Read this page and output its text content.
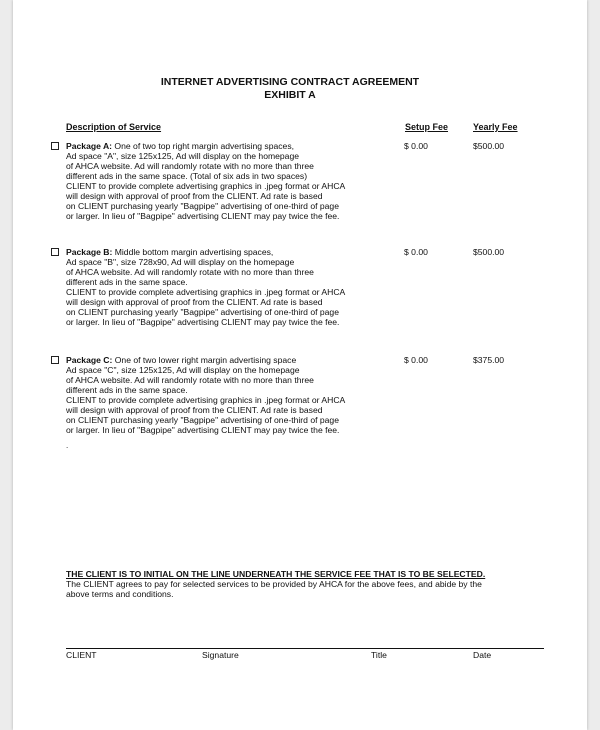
INTERNET ADVERTISING CONTRACT AGREEMENT
EXHIBIT A
Description of Service	Setup Fee	Yearly Fee
Package A: One of two top right margin advertising spaces,
Ad space "A", size 125x125, Ad will display on the homepage
of AHCA website. Ad will randomly rotate with no more than three
different ads in the same space. (Total of six ads in two spaces)
CLIENT to provide complete advertising graphics in .jpeg format or AHCA
will design with approval of proof from the CLIENT. Ad rate is based
on CLIENT purchasing yearly "Bagpipe" advertising of one-third of page
or larger. In lieu of "Bagpipe" advertising CLIENT may pay twice the fee.
$ 0.00	$500.00
Package B: Middle bottom margin advertising spaces,
Ad space "B", size 728x90, Ad will display on the homepage
of AHCA website. Ad will randomly rotate with no more than three
different ads in the same space.
CLIENT to provide complete advertising graphics in .jpeg format or AHCA
will design with approval of proof from the CLIENT. Ad rate is based
on CLIENT purchasing yearly "Bagpipe" advertising of one-third of page
or larger. In lieu of "Bagpipe" advertising CLIENT may pay twice the fee.
$ 0.00	$500.00
Package C: One of two lower right margin advertising space
Ad space "C", size 125x125, Ad will display on the homepage
of AHCA website. Ad will randomly rotate with no more than three
different ads in the same space.
CLIENT to provide complete advertising graphics in .jpeg format or AHCA
will design with approval of proof from the CLIENT. Ad rate is based
on CLIENT purchasing yearly "Bagpipe" advertising of one-third of page
or larger. In lieu of "Bagpipe" advertising CLIENT may pay twice the fee.
$ 0.00	$375.00
.
THE CLIENT IS TO INITIAL ON THE LINE UNDERNEATH THE SERVICE FEE THAT IS TO BE SELECTED.
The CLIENT agrees to pay for selected services to be provided by AHCA for the above fees, and abide by the
above terms and conditions.
CLIENT	Signature	Title	Date
